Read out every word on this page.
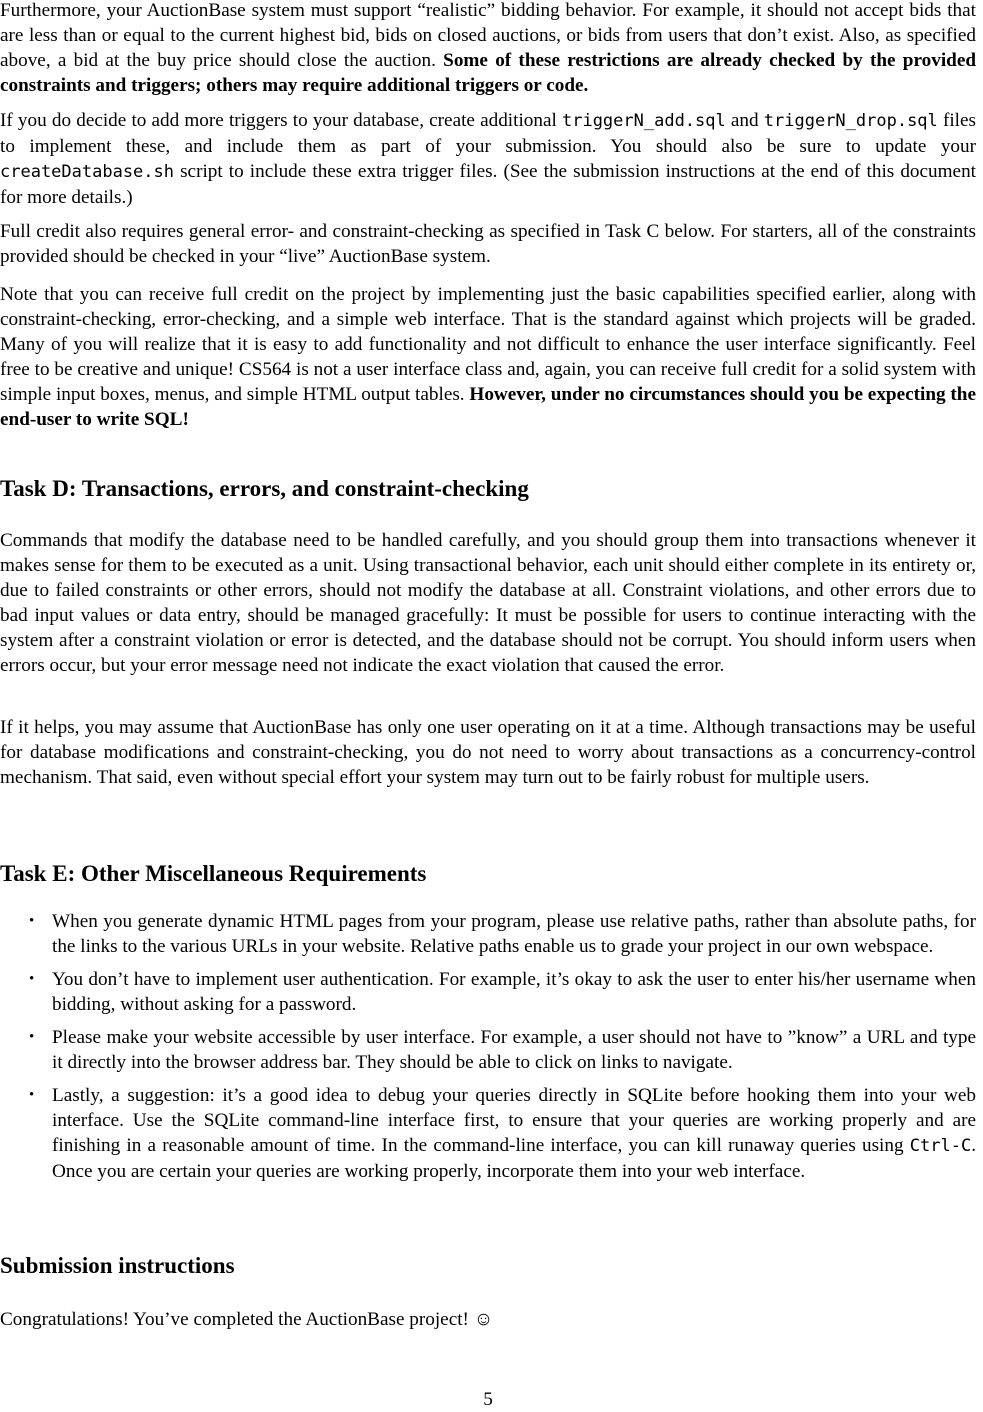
Furthermore, your AuctionBase system must support “realistic” bidding behavior. For example, it should not accept bids that are less than or equal to the current highest bid, bids on closed auctions, or bids from users that don’t exist. Also, as specified above, a bid at the buy price should close the auction. Some of these restrictions are already checked by the provided constraints and triggers; others may require additional triggers or code.

If you do decide to add more triggers to your database, create additional triggerN_add.sql and triggerN_drop.sql files to implement these, and include them as part of your submission. You should also be sure to update your createDatabase.sh script to include these extra trigger files. (See the submission instructions at the end of this document for more details.)

Full credit also requires general error- and constraint-checking as specified in Task C below. For starters, all of the constraints provided should be checked in your “live” AuctionBase system.

Note that you can receive full credit on the project by implementing just the basic capabilities specified earlier, along with constraint-checking, error-checking, and a simple web interface. That is the standard against which projects will be graded. Many of you will realize that it is easy to add functionality and not difficult to enhance the user interface significantly. Feel free to be creative and unique! CS564 is not a user interface class and, again, you can receive full credit for a solid system with simple input boxes, menus, and simple HTML output tables. However, under no circumstances should you be expecting the end-user to write SQL!

Task D: Transactions, errors, and constraint-checking

Commands that modify the database need to be handled carefully, and you should group them into transactions whenever it makes sense for them to be executed as a unit. Using transactional behavior, each unit should either complete in its entirety or, due to failed constraints or other errors, should not modify the database at all. Constraint violations, and other errors due to bad input values or data entry, should be managed gracefully: It must be possible for users to continue interacting with the system after a constraint violation or error is detected, and the database should not be corrupt. You should inform users when errors occur, but your error message need not indicate the exact violation that caused the error.

If it helps, you may assume that AuctionBase has only one user operating on it at a time. Although transactions may be useful for database modifications and constraint-checking, you do not need to worry about transactions as a concurrency-control mechanism. That said, even without special effort your system may turn out to be fairly robust for multiple users.

Task E: Other Miscellaneous Requirements
• When you generate dynamic HTML pages from your program, please use relative paths, rather than absolute paths, for the links to the various URLs in your website. Relative paths enable us to grade your project in our own webspace.
• You don’t have to implement user authentication. For example, it’s okay to ask the user to enter his/her username when bidding, without asking for a password.
• Please make your website accessible by user interface. For example, a user should not have to ”know” a URL and type it directly into the browser address bar. They should be able to click on links to navigate.
• Lastly, a suggestion: it’s a good idea to debug your queries directly in SQLite before hooking them into your web interface. Use the SQLite command-line interface first, to ensure that your queries are working properly and are finishing in a reasonable amount of time. In the command-line interface, you can kill runaway queries using Ctrl-C. Once you are certain your queries are working properly, incorporate them into your web interface.
Submission instructions

Congratulations! You’ve completed the AuctionBase project! ☺

5
